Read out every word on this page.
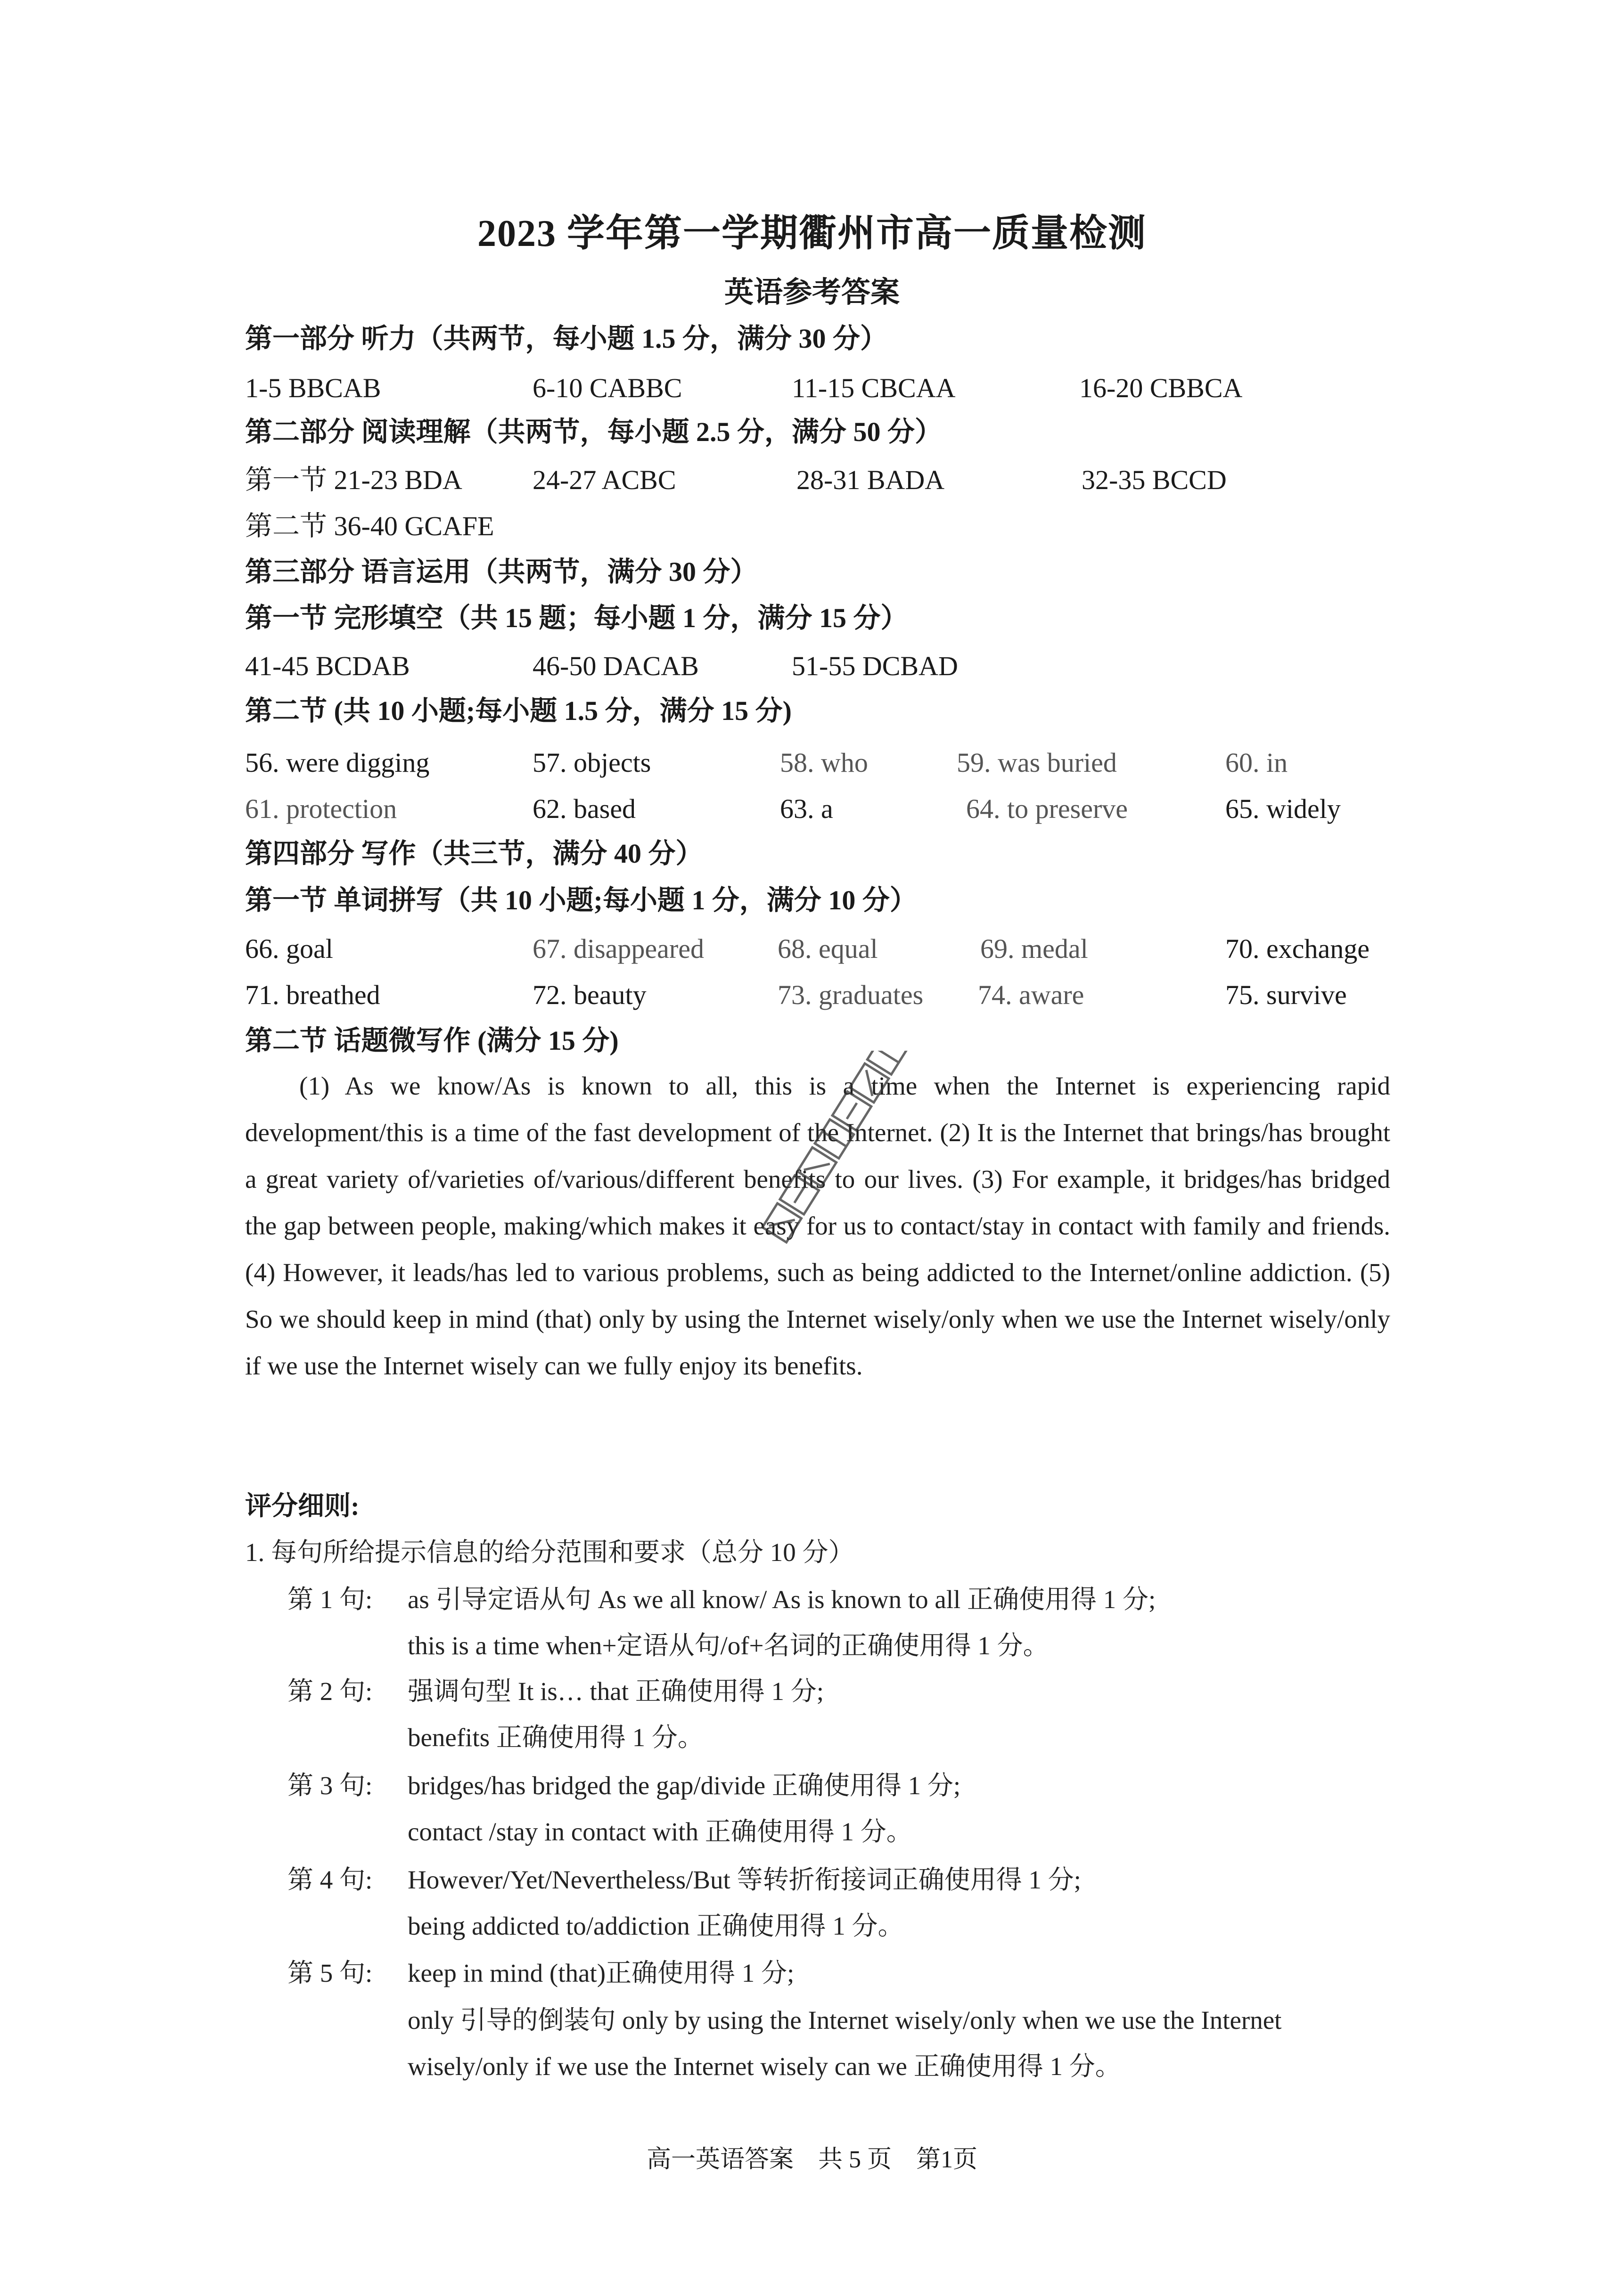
2023 学年第一学期衢州市高一质量检测
英语参考答案
第一部分 听力（共两节，每小题 1.5 分，满分 30 分）
1-5 BBCAB	6-10 CABBC	11-15 CBCAA	16-20 CBBCA
第二部分 阅读理解（共两节，每小题 2.5 分，满分 50 分）
第一节 21-23 BDA	24-27 ACBC	28-31 BADA	32-35 BCCD
第二节 36-40 GCAFE
第三部分 语言运用（共两节，满分 30 分）
第一节 完形填空（共 15 题；每小题 1 分，满分 15 分）
41-45 BCDAB	46-50 DACAB	51-55 DCBAD
第二节 (共 10 小题;每小题 1.5 分，满分 15 分)
56. were digging	57. objects	58. who	59. was buried	60. in
61. protection	62. based	63. a	64. to preserve	65. widely
第四部分 写作（共三节，满分 40 分）
第一节 单词拼写（共 10 小题;每小题 1 分，满分 10 分）
66. goal	67. disappeared	68. equal	69. medal	70. exchange
71. breathed	72. beauty	73. graduates 74. aware	75. survive
第二节 话题微写作 (满分 15 分)

(1) As we know/As is known to all, this is a time when the Internet is experiencing rapid development/this is a time of the fast development of the Internet. (2) It is the Internet that brings/has brought a great variety of/varieties of/various/different benefits to our lives. (3) For example, it bridges/has bridged the gap between people, making/which makes it easy for us to contact/stay in contact with family and friends. (4) However, it leads/has led to various problems, such as being addicted to the Internet/online addiction. (5) So we should keep in mind (that) only by using the Internet wisely/only when we use the Internet wisely/only if we use the Internet wisely can we fully enjoy its benefits.

评分细则:
1. 每句所给提示信息的给分范围和要求（总分 10 分）
第 1 句: as 引导定语从句 As we all know/ As is known to all 正确使用得 1 分;
this is a time when+定语从句/of+名词的正确使用得 1 分。
第 2 句: 强调句型 It is… that 正确使用得 1 分;
benefits 正确使用得 1 分。
第 3 句: bridges/has bridged the gap/divide 正确使用得 1 分;
contact /stay in contact with 正确使用得 1 分。
第 4 句: However/Yet/Nevertheless/But 等转折衔接词正确使用得 1 分;
being addicted to/addiction 正确使用得 1 分。
第 5 句: keep in mind (that)正确使用得 1 分;
only 引导的倒装句 only by using the Internet wisely/only when we use the Internet
wisely/only if we use the Internet wisely can we 正确使用得 1 分。
高一英语答案　共 5 页　第1页
